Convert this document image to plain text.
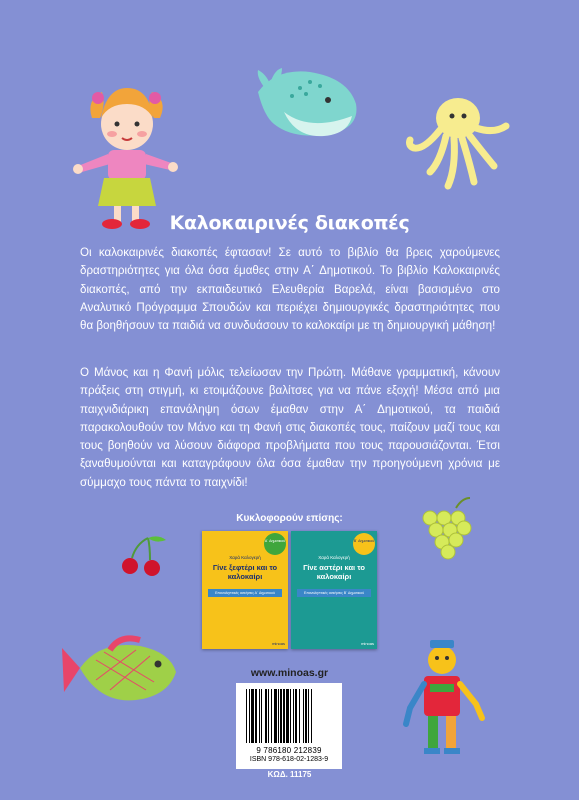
Καλοκαιρινές διακοπές

Οι καλοκαιρινές διακοπές έφτασαν! Σε αυτό το βιβλίο θα βρεις χαρούμενες δραστηριότητες για όλα όσα έμαθες στην Α΄ Δημοτικού. Το βιβλίο Καλοκαιρινές διακοπές, από την εκπαιδευτικό Ελευθερία Βαρελά, είναι βασισμένο στο Αναλυτικό Πρόγραμμα Σπουδών και περιέχει δημιουργικές δραστηριότητες που θα βοηθήσουν τα παιδιά να συνδυάσουν το καλοκαίρι με τη δημιουργική μάθηση!

Ο Μάνος και η Φανή μόλις τελείωσαν την Πρώτη. Μάθανε γραμματική, κάνουν πράξεις στη στιγμή, κι ετοιμάζουνε βαλίτσες για να πάνε εξοχή! Μέσα από μια παιχνιδιάρικη επανάληψη όσων έμαθαν στην Α΄ Δημοτικού, τα παιδιά παρακολουθούν τον Μάνο και τη Φανή στις διακοπές τους, παίζουν μαζί τους και τους βοηθούν να λύσουν διάφορα προβλήματα που τους παρουσιάζονται. Έτσι ξαναθυμούνται και καταγράφουν όλα όσα έμαθαν την προηγούμενη χρόνια με σύμμαχο τους πάντα το παιχνίδι!

Κυκλοφορούν επίσης:
Α΄ Δημοτικού
Χαρά Καλογερή
Γίνε ξεφτέρι και το καλοκαίρι
Επαναληπτικές ασκήσεις Α΄ Δημοτικού
minoas
Β΄ Δημοτικού
Χαρά Καλογερή
Γίνε αστέρι και το καλοκαίρι
Επαναληπτικές ασκήσεις Β΄ Δημοτικού
minoas
www.minoas.gr
9 786180 212839
ISBN 978-618-02-1283-9
ΚΩΔ. 11175
